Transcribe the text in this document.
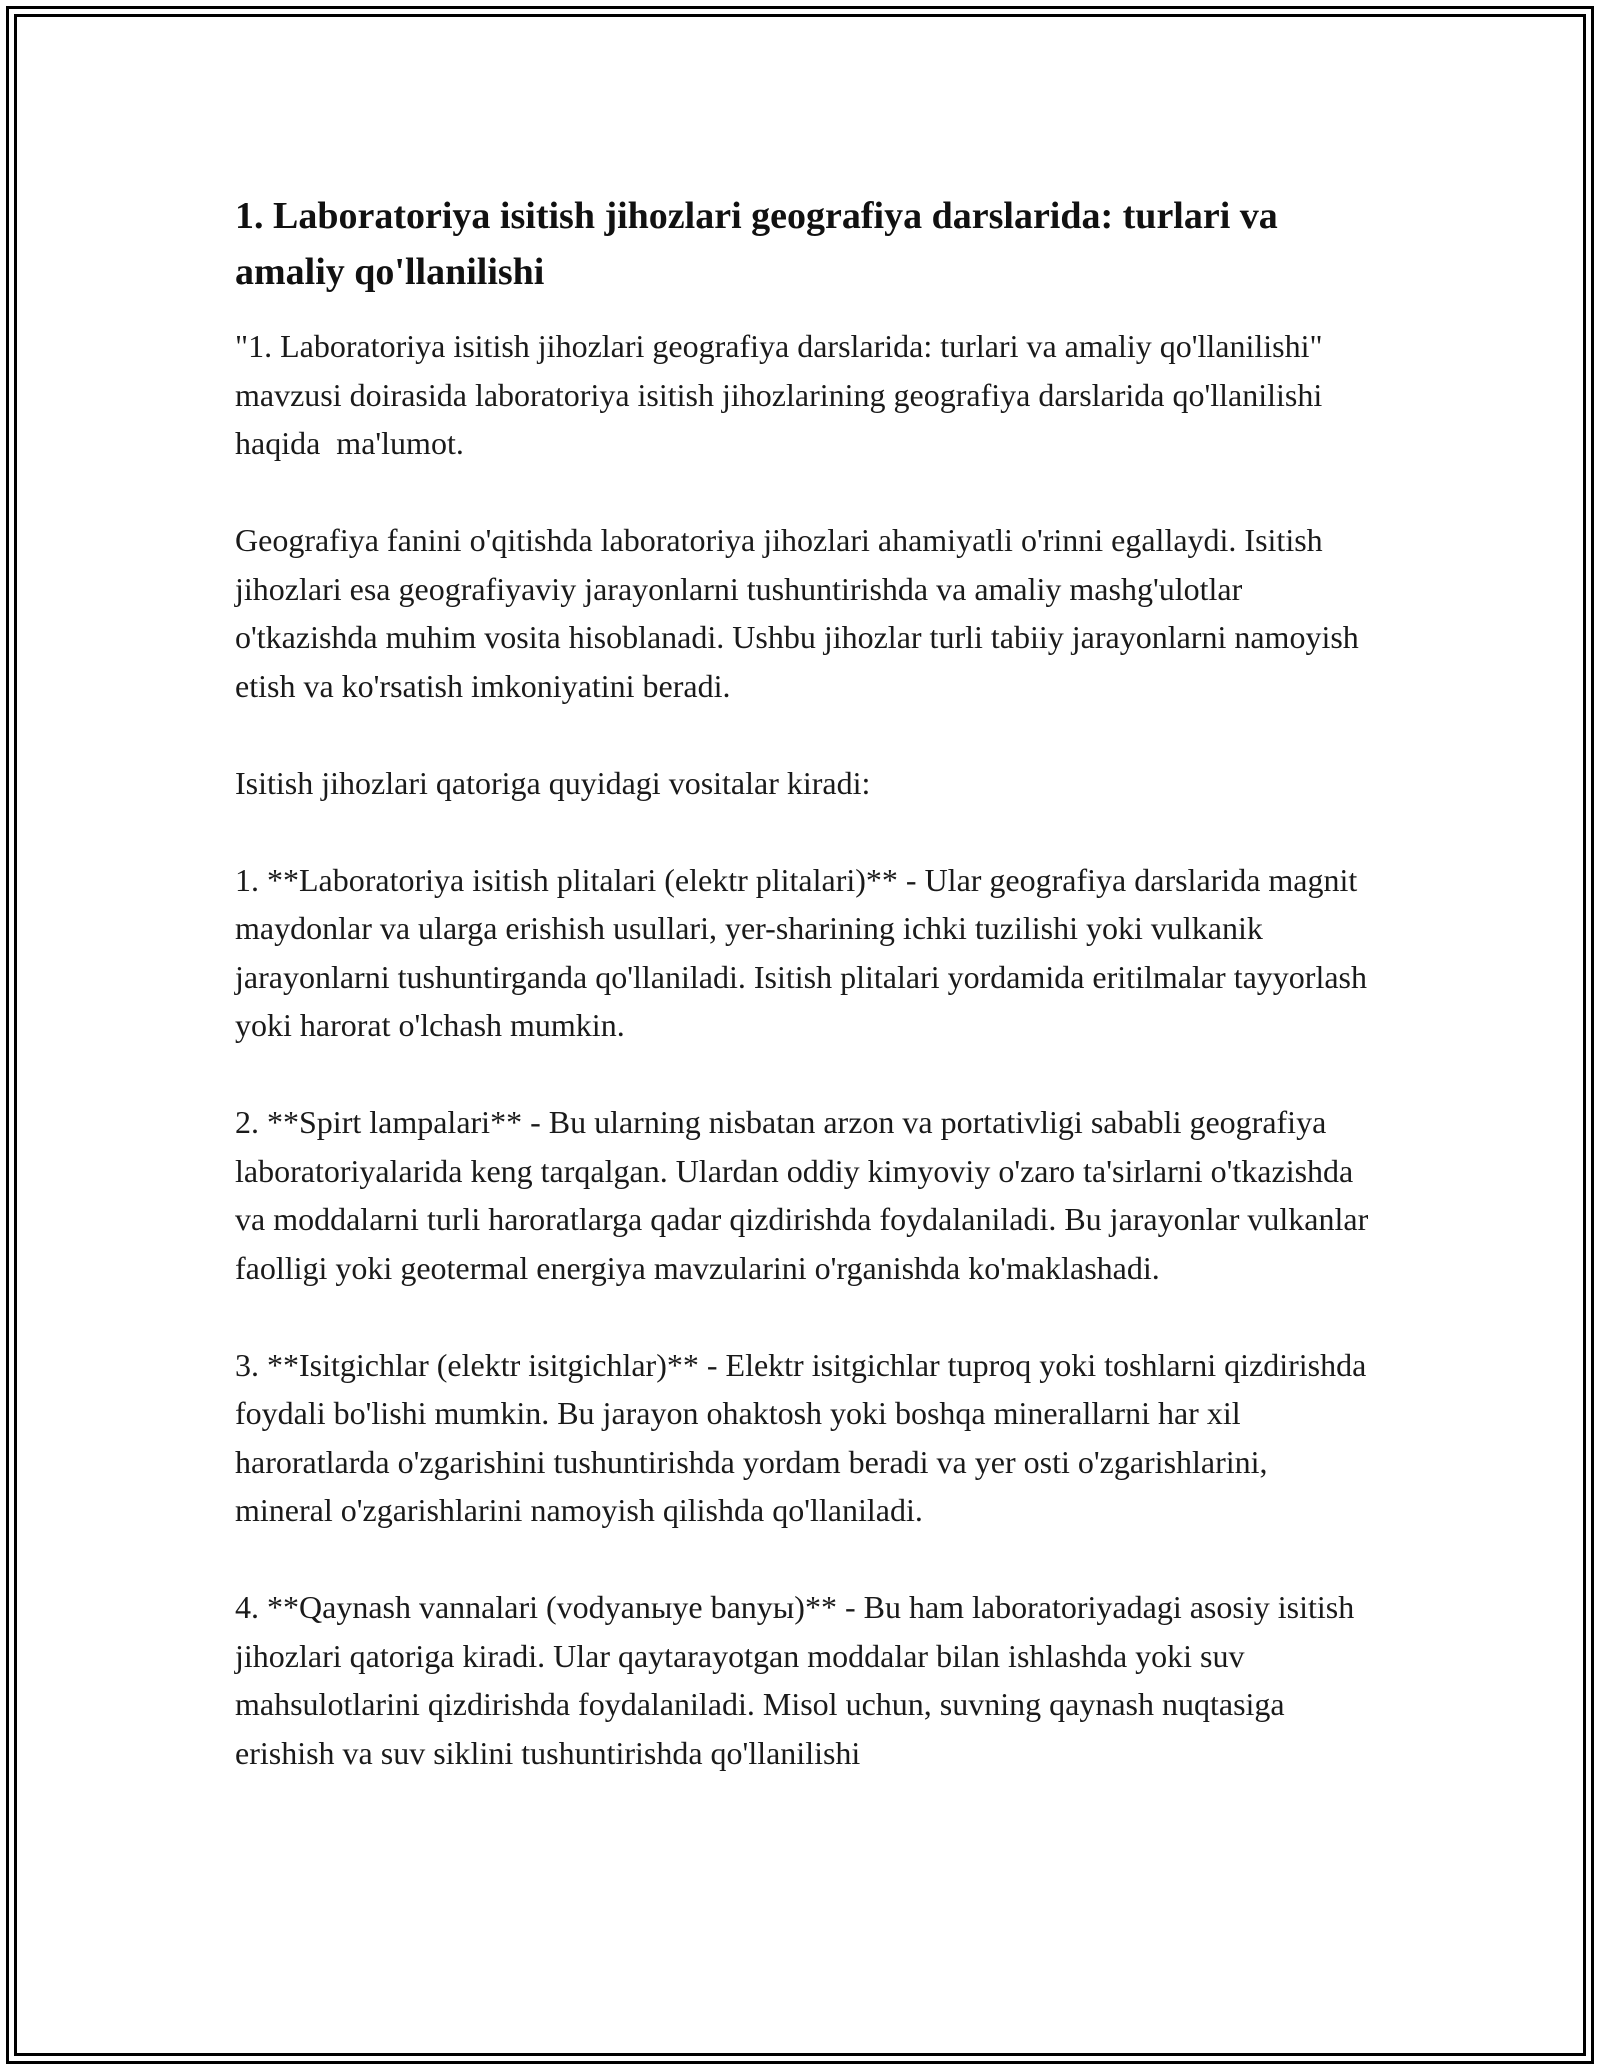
1. Laboratoriya isitish jihozlari geografiya darslarida: turlari va amaliy qo'llanilishi

"1. Laboratoriya isitish jihozlari geografiya darslarida: turlari va amaliy qo'llanilishi" mavzusi doirasida laboratoriya isitish jihozlarining geografiya darslarida qo'llanilishi haqida  ma'lumot.

Geografiya fanini o'qitishda laboratoriya jihozlari ahamiyatli o'rinni egallaydi. Isitish jihozlari esa geografiyaviy jarayonlarni tushuntirishda va amaliy mashg'ulotlar o'tkazishda muhim vosita hisoblanadi. Ushbu jihozlar turli tabiiy jarayonlarni namoyish etish va ko'rsatish imkoniyatini beradi.

Isitish jihozlari qatoriga quyidagi vositalar kiradi:

1. **Laboratoriya isitish plitalari (elektr plitalari)** - Ular geografiya darslarida magnit maydonlar va ularga erishish usullari, yer-sharining ichki tuzilishi yoki vulkanik jarayonlarni tushuntirganda qo'llaniladi. Isitish plitalari yordamida eritilmalar tayyorlash yoki harorat o'lchash mumkin.

2. **Spirt lampalari** - Bu ularning nisbatan arzon va portativligi sababli geografiya laboratoriyalarida keng tarqalgan. Ulardan oddiy kimyoviy o'zaro ta'sirlarni o'tkazishda va moddalarni turli haroratlarga qadar qizdirishda foydalaniladi. Bu jarayonlar vulkanlar faolligi yoki geotermal energiya mavzularini o'rganishda ko'maklashadi.

3. **Isitgichlar (elektr isitgichlar)** - Elektr isitgichlar tuproq yoki toshlarni qizdirishda foydali bo'lishi mumkin. Bu jarayon ohaktosh yoki boshqa minerallarni har xil haroratlarda o'zgarishini tushuntirishda yordam beradi va yer osti o'zgarishlarini, mineral o'zgarishlarini namoyish qilishda qo'llaniladi.

4. **Qaynash vannalari (vodyanыye banyы)** - Bu ham laboratoriyadagi asosiy isitish jihozlari qatoriga kiradi. Ular qaytarayotgan moddalar bilan ishlashda yoki suv mahsulotlarini qizdirishda foydalaniladi. Misol uchun, suvning qaynash nuqtasiga erishish va suv siklini tushuntirishda qo'llanilishi
